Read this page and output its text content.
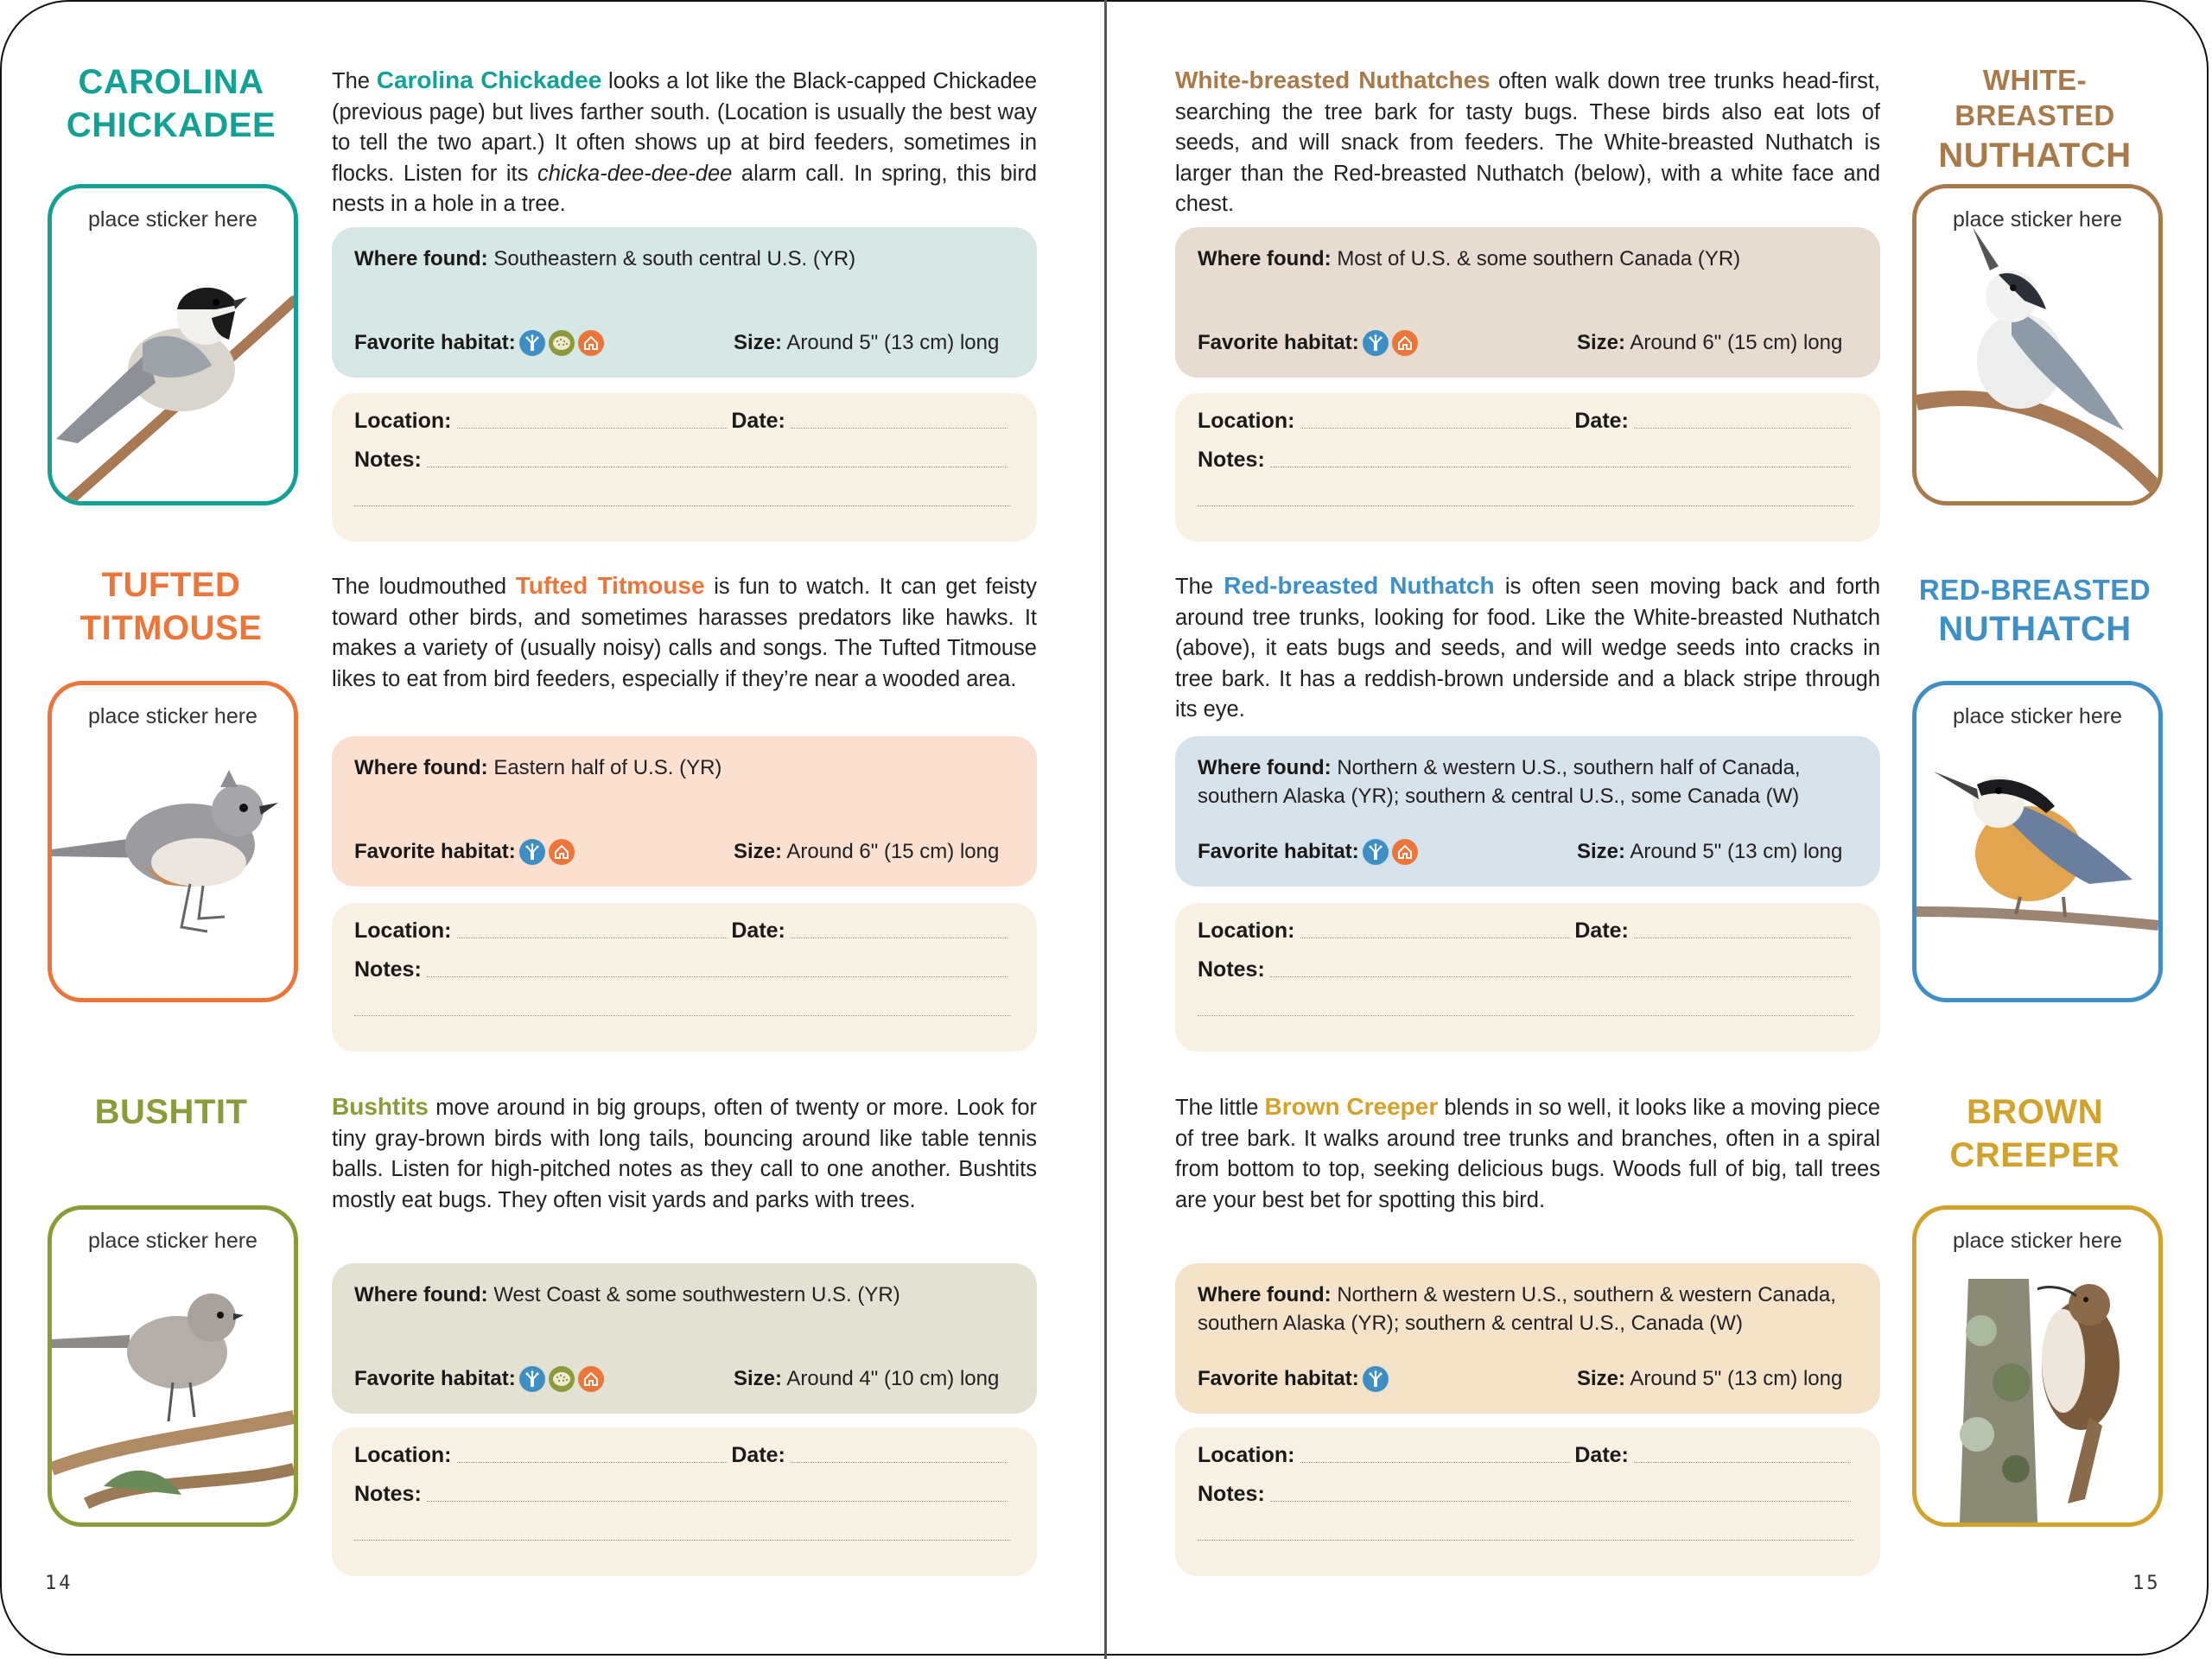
CAROLINA
CHICKADEE
place sticker here
The Carolina Chickadee looks a lot like the Black-capped Chickadee (previous page) but lives farther south. (Location is usually the best way to tell the two apart.) It often shows up at bird feeders, sometimes in flocks. Listen for its chicka-dee-dee-dee alarm call. In spring, this bird nests in a hole in a tree.
Where found: Southeastern & south central U.S. (YR)
Favorite habitat:	Size: Around 5" (13 cm) long
Location:	Date:
Notes:
TUFTED
TITMOUSE
place sticker here
The loudmouthed Tufted Titmouse is fun to watch. It can get feisty toward other birds, and sometimes harasses predators like hawks. It makes a variety of (usually noisy) calls and songs. The Tufted Titmouse likes to eat from bird feeders, especially if they’re near a wooded area.
Where found: Eastern half of U.S. (YR)
Favorite habitat:	Size: Around 6" (15 cm) long
Location:	Date:
Notes:
BUSHTIT
place sticker here
Bushtits move around in big groups, often of twenty or more. Look for tiny gray-brown birds with long tails, bouncing around like table tennis balls. Listen for high-pitched notes as they call to one another. Bushtits mostly eat bugs. They often visit yards and parks with trees.
Where found: West Coast & some southwestern U.S. (YR)
Favorite habitat:	Size: Around 4" (10 cm) long
Location:	Date:
Notes:
14
White-breasted Nuthatches often walk down tree trunks head-first, searching the tree bark for tasty bugs. These birds also eat lots of seeds, and will snack from feeders. The White-breasted Nuthatch is larger than the Red-breasted Nuthatch (below), with a white face and chest.
Where found: Most of U.S. & some southern Canada (YR)
Favorite habitat:	Size: Around 6" (15 cm) long
Location:	Date:
Notes:
WHITE-BREASTED
NUTHATCH
place sticker here
The Red-breasted Nuthatch is often seen moving back and forth around tree trunks, looking for food. Like the White-breasted Nuthatch (above), it eats bugs and seeds, and will wedge seeds into cracks in tree bark. It has a reddish-brown underside and a black stripe through its eye.
Where found: Northern & western U.S., southern half of Canada, southern Alaska (YR); southern & central U.S., some Canada (W)
Favorite habitat:	Size: Around 5" (13 cm) long
Location:	Date:
Notes:
RED-BREASTED
NUTHATCH
place sticker here
The little Brown Creeper blends in so well, it looks like a moving piece of tree bark. It walks around tree trunks and branches, often in a spiral from bottom to top, seeking delicious bugs. Woods full of big, tall trees are your best bet for spotting this bird.
Where found: Northern & western U.S., southern & western Canada, southern Alaska (YR); southern & central U.S., Canada (W)
Favorite habitat:	Size: Around 5" (13 cm) long
Location:	Date:
Notes:
BROWN
CREEPER
place sticker here
15
